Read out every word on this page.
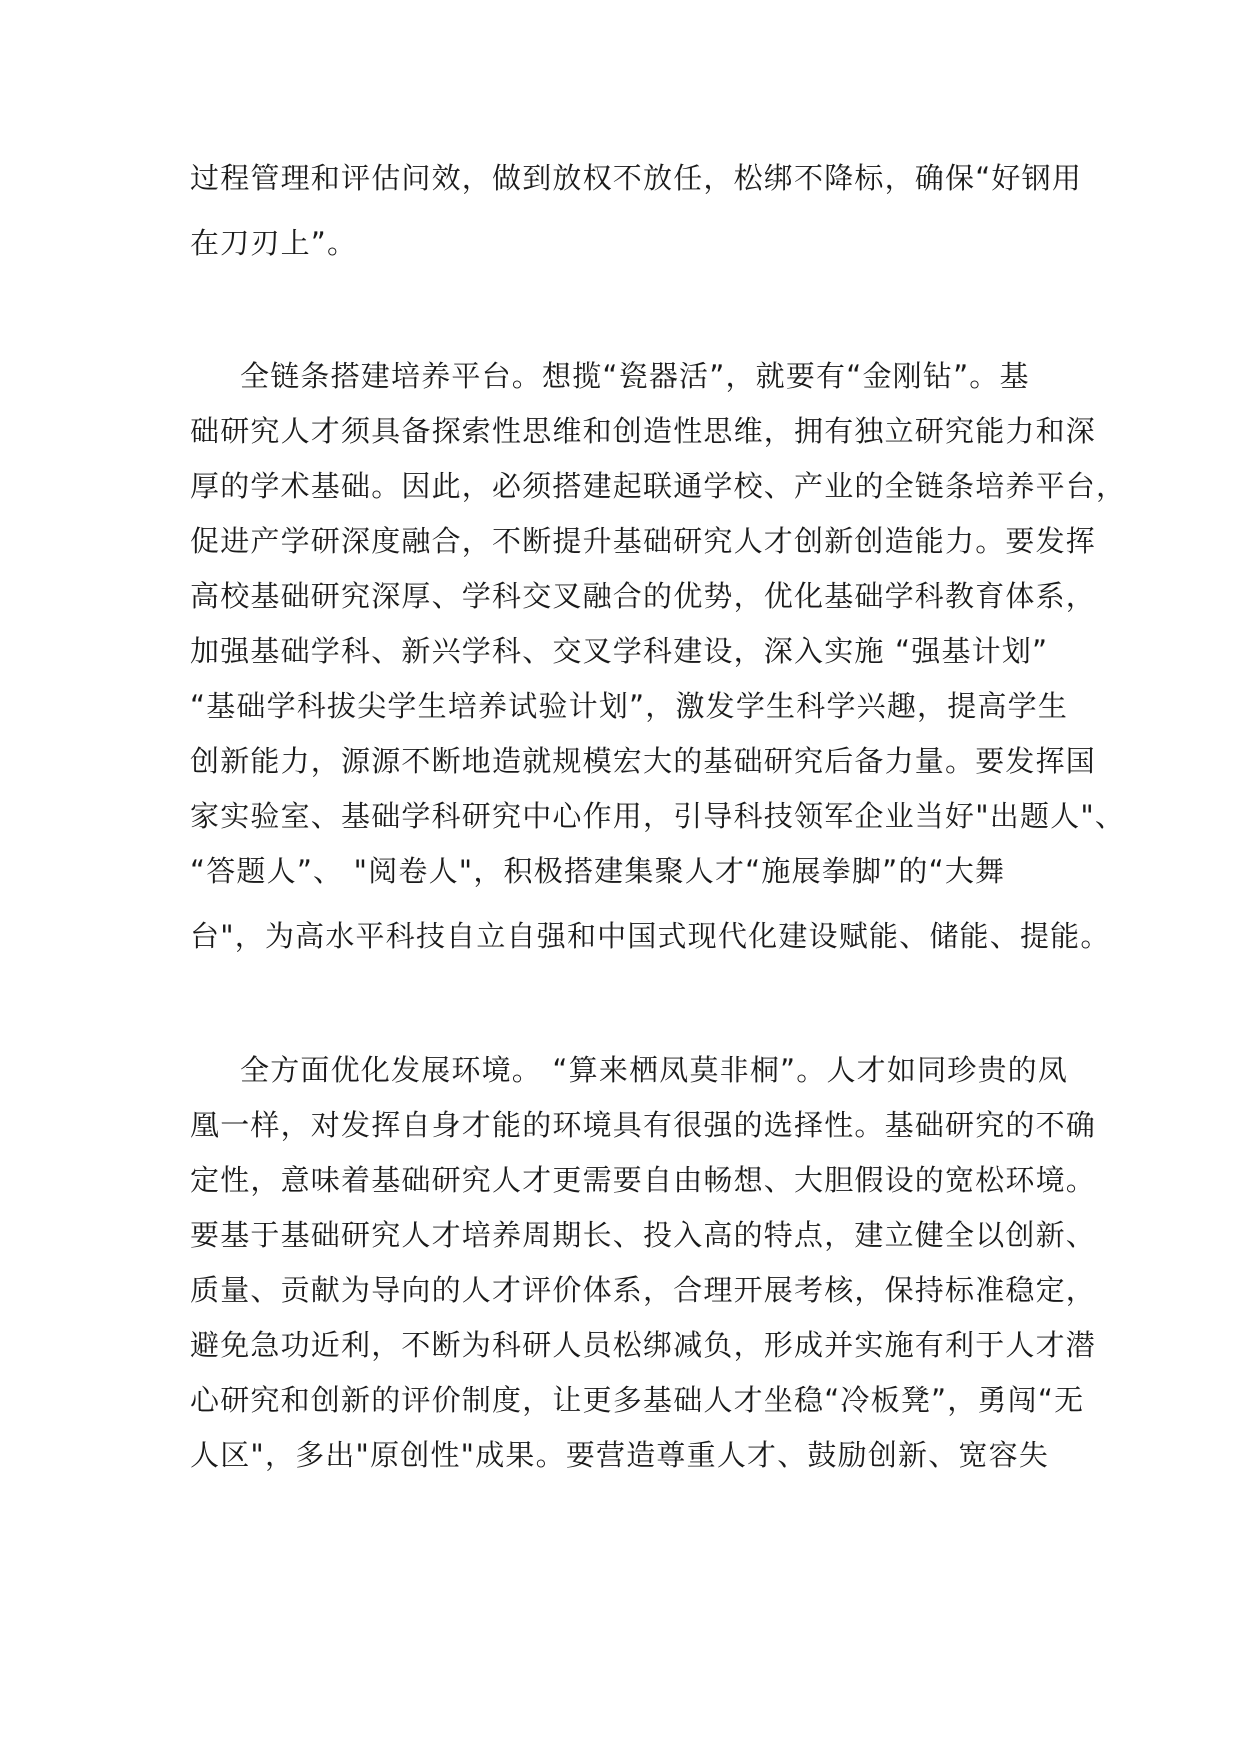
过程管理和评估问效，做到放权不放任，松绑不降标，确保“好钢用
在刀刃上”。
全链条搭建培养平台。想揽“瓷器活”，就要有“金刚钻”。基
础研究人才须具备探索性思维和创造性思维，拥有独立研究能力和深
厚的学术基础。因此，必须搭建起联通学校、产业的全链条培养平台，
促进产学研深度融合，不断提升基础研究人才创新创造能力。要发挥
高校基础研究深厚、学科交叉融合的优势，优化基础学科教育体系，
加强基础学科、新兴学科、交叉学科建设，深入实施 “强基计划”
“基础学科拔尖学生培养试验计划”，激发学生科学兴趣，提高学生
创新能力，源源不断地造就规模宏大的基础研究后备力量。要发挥国
家实验室、基础学科研究中心作用，引导科技领军企业当好"出题人"、
“答题人”、 "阅卷人"，积极搭建集聚人才“施展拳脚”的“大舞
台"，为高水平科技自立自强和中国式现代化建设赋能、储能、提能。
全方面优化发展环境。 “算来栖凤莫非桐”。人才如同珍贵的凤
凰一样，对发挥自身才能的环境具有很强的选择性。基础研究的不确
定性，意味着基础研究人才更需要自由畅想、大胆假设的宽松环境。
要基于基础研究人才培养周期长、投入高的特点，建立健全以创新、
质量、贡献为导向的人才评价体系，合理开展考核，保持标准稳定，
避免急功近利，不断为科研人员松绑减负，形成并实施有利于人才潜
心研究和创新的评价制度，让更多基础人才坐稳“冷板凳”，勇闯“无
人区"，多出"原创性"成果。要营造尊重人才、鼓励创新、宽容失
